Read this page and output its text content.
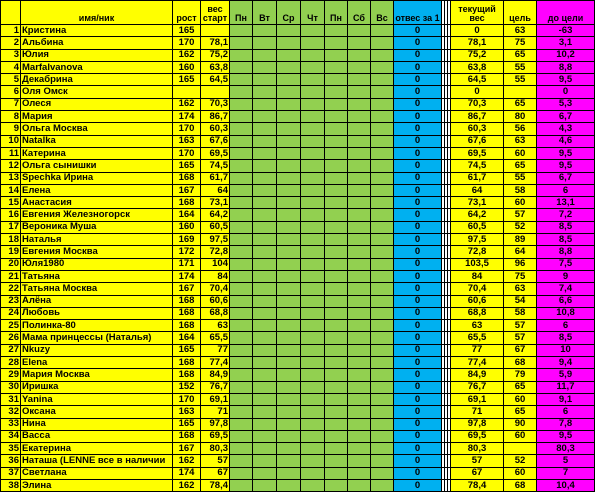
	имя/ник	рост	вес старт	Пн	Вт	Ср	Чт	Пн	Сб	Вс	отвес за 1				текущий вес	цель	до цели
1	Кристина	165									0				0	63	-63
2	Альбина	170	78,1								0				78,1	75	3,1
3	Юлия	162	75,2								0				75,2	65	10,2
4	Marfalvanova	160	63,8								0				63,8	55	8,8
5	Декабрина	165	64,5								0				64,5	55	9,5
6	Оля Омск										0				0		0
7	Олеся	162	70,3								0				70,3	65	5,3
8	Мария	174	86,7								0				86,7	80	6,7
9	Ольга Москва	170	60,3								0				60,3	56	4,3
10	Natalka	163	67,6								0				67,6	63	4,6
11	Катерина	170	69,5								0				69,5	60	9,5
12	Ольга сынишки	165	74,5								0				74,5	65	9,5
13	Spechka Ирина	168	61,7								0				61,7	55	6,7
14	Елена	167	64								0				64	58	6
15	Анастасия	168	73,1								0				73,1	60	13,1
16	Евгения Железногорск	164	64,2								0				64,2	57	7,2
17	Вероника Муша	160	60,5								0				60,5	52	8,5
18	Наталья	169	97,5								0				97,5	89	8,5
19	Евгения Москва	172	72,8								0				72,8	64	8,8
20	Юля1980	171	104								0				103,5	96	7,5
21	Татьяна	174	84								0				84	75	9
22	Татьяна Москва	167	70,4								0				70,4	63	7,4
23	Алёна	168	60,6								0				60,6	54	6,6
24	Любовь	168	68,8								0				68,8	58	10,8
25	Полинка-80	168	63								0				63	57	6
26	Мама принцессы (Наталья)	164	65,5								0				65,5	57	8,5
27	Nkuzy	165	77								0				77	67	10
28	Elena	168	77,4								0				77,4	68	9,4
29	Мария Москва	168	84,9								0				84,9	79	5,9
30	Иришка	152	76,7								0				76,7	65	11,7
31	Yanina	170	69,1								0				69,1	60	9,1
32	Оксана	163	71								0				71	65	6
33	Нина	165	97,8								0				97,8	90	7,8
34	Васса	168	69,5								0				69,5	60	9,5
35	Екатерина	167	80,3								0				80,3		80,3
36	Наташа (LENNE все в наличии	162	57								0				57	52	5
37	Светлана	174	67								0				67	60	7
38	Элина	162	78,4								0				78,4	68	10,4
